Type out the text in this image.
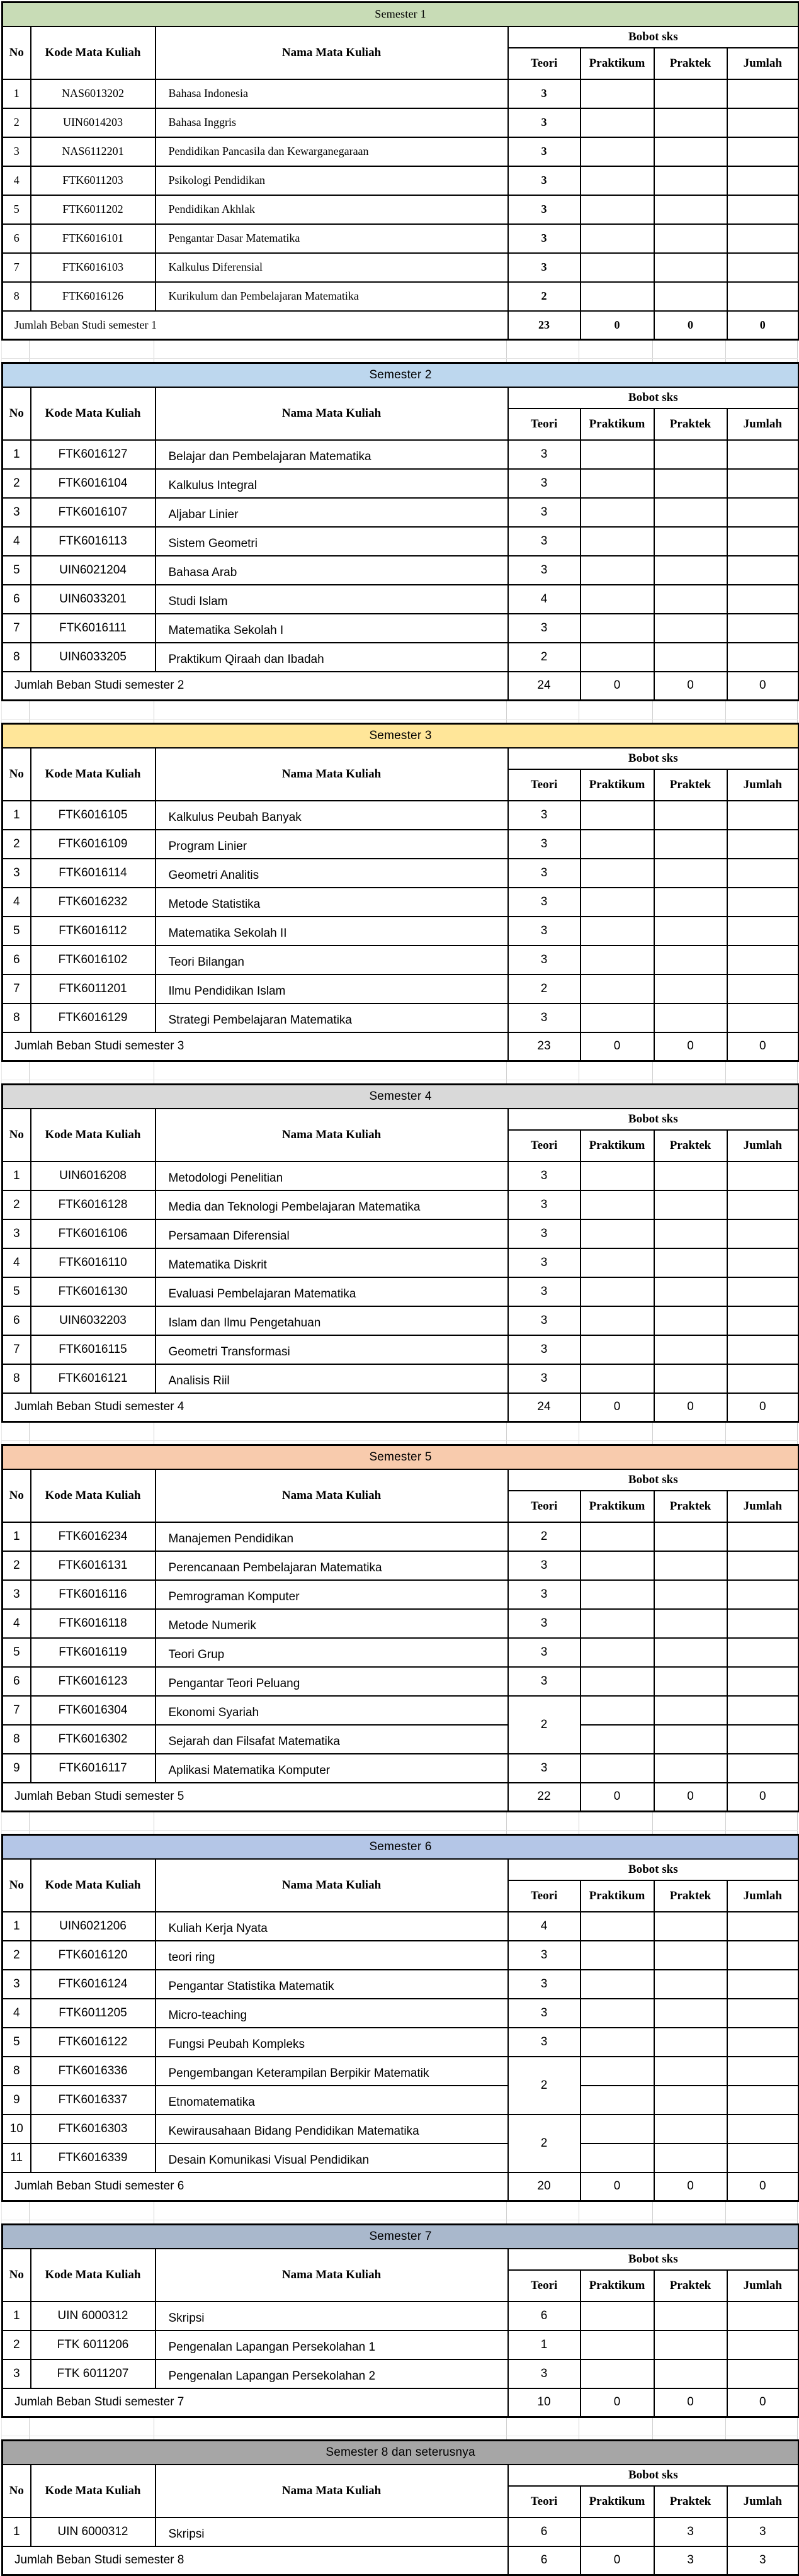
Semester 1						
No	Kode Mata Kuliah	Nama Mata Kuliah	Bobot sks			
			Teori	Praktikum	Praktek	Jumlah
1	NAS6013202	Bahasa Indonesia	3			
2	UIN6014203	Bahasa Inggris	3			
3	NAS6112201	Pendidikan Pancasila dan Kewarganegaraan	3			
4	FTK6011203	Psikologi Pendidikan	3			
5	FTK6011202	Pendidikan Akhlak	3			
6	FTK6016101	Pengantar Dasar Matematika	3			
7	FTK6016103	Kalkulus Diferensial	3			
8	FTK6016126	Kurikulum dan Pembelajaran Matematika	2			
Jumlah Beban Studi semester 1			23	0	0	0
Semester 2						
No	Kode Mata Kuliah	Nama Mata Kuliah	Bobot sks			
			Teori	Praktikum	Praktek	Jumlah
1	FTK6016127	Belajar dan Pembelajaran Matematika	3			
2	FTK6016104	Kalkulus Integral	3			
3	FTK6016107	Aljabar Linier	3			
4	FTK6016113	Sistem Geometri	3			
5	UIN6021204	Bahasa Arab	3			
6	UIN6033201	Studi Islam	4			
7	FTK6016111	Matematika Sekolah I	3			
8	UIN6033205	Praktikum Qiraah dan Ibadah	2			
Jumlah Beban Studi semester 2			24	0	0	0
Semester 3						
No	Kode Mata Kuliah	Nama Mata Kuliah	Bobot sks			
			Teori	Praktikum	Praktek	Jumlah
1	FTK6016105	Kalkulus Peubah Banyak	3			
2	FTK6016109	Program Linier	3			
3	FTK6016114	Geometri Analitis	3			
4	FTK6016232	Metode Statistika	3			
5	FTK6016112	Matematika Sekolah II	3			
6	FTK6016102	Teori Bilangan	3			
7	FTK6011201	Ilmu Pendidikan Islam	2			
8	FTK6016129	Strategi Pembelajaran Matematika	3			
Jumlah Beban Studi semester 3			23	0	0	0
Semester 4						
No	Kode Mata Kuliah	Nama Mata Kuliah	Bobot sks			
			Teori	Praktikum	Praktek	Jumlah
1	UIN6016208	Metodologi Penelitian	3			
2	FTK6016128	Media dan Teknologi Pembelajaran Matematika	3			
3	FTK6016106	Persamaan Diferensial	3			
4	FTK6016110	Matematika Diskrit	3			
5	FTK6016130	Evaluasi Pembelajaran Matematika	3			
6	UIN6032203	Islam dan Ilmu Pengetahuan	3			
7	FTK6016115	Geometri Transformasi	3			
8	FTK6016121	Analisis Riil	3			
Jumlah Beban Studi semester 4			24	0	0	0
Semester 5						
No	Kode Mata Kuliah	Nama Mata Kuliah	Bobot sks			
			Teori	Praktikum	Praktek	Jumlah
1	FTK6016234	Manajemen Pendidikan	2			
2	FTK6016131	Perencanaan Pembelajaran Matematika	3			
3	FTK6016116	Pemrograman Komputer	3			
4	FTK6016118	Metode Numerik	3			
5	FTK6016119	Teori Grup	3			
6	FTK6016123	Pengantar Teori Peluang	3			
7	FTK6016304	Ekonomi Syariah	2			
8	FTK6016302	Sejarah dan Filsafat Matematika				
9	FTK6016117	Aplikasi Matematika Komputer	3			
Jumlah Beban Studi semester 5			22	0	0	0
Semester 6						
No	Kode Mata Kuliah	Nama Mata Kuliah	Bobot sks			
			Teori	Praktikum	Praktek	Jumlah
1	UIN6021206	Kuliah Kerja Nyata	4			
2	FTK6016120	teori ring	3			
3	FTK6016124	Pengantar Statistika Matematik	3			
4	FTK6011205	Micro-teaching	3			
5	FTK6016122	Fungsi Peubah Kompleks	3			
8	FTK6016336	Pengembangan Keterampilan Berpikir Matematik	2			
9	FTK6016337	Etnomatematika				
10	FTK6016303	Kewirausahaan Bidang Pendidikan Matematika	2			
11	FTK6016339	Desain Komunikasi Visual Pendidikan				
Jumlah Beban Studi semester 6			20	0	0	0
Semester 7						
No	Kode Mata Kuliah	Nama Mata Kuliah	Bobot sks			
			Teori	Praktikum	Praktek	Jumlah
1	UIN 6000312	Skripsi	6			
2	FTK 6011206	Pengenalan Lapangan Persekolahan 1	1			
3	FTK 6011207	Pengenalan Lapangan Persekolahan 2	3			
Jumlah Beban Studi semester 7			10	0	0	0
Semester 8 dan seterusnya						
No	Kode Mata Kuliah	Nama Mata Kuliah	Bobot sks			
			Teori	Praktikum	Praktek	Jumlah
1	UIN 6000312	Skripsi	6		3	3
Jumlah Beban Studi semester 8			6	0	3	3
